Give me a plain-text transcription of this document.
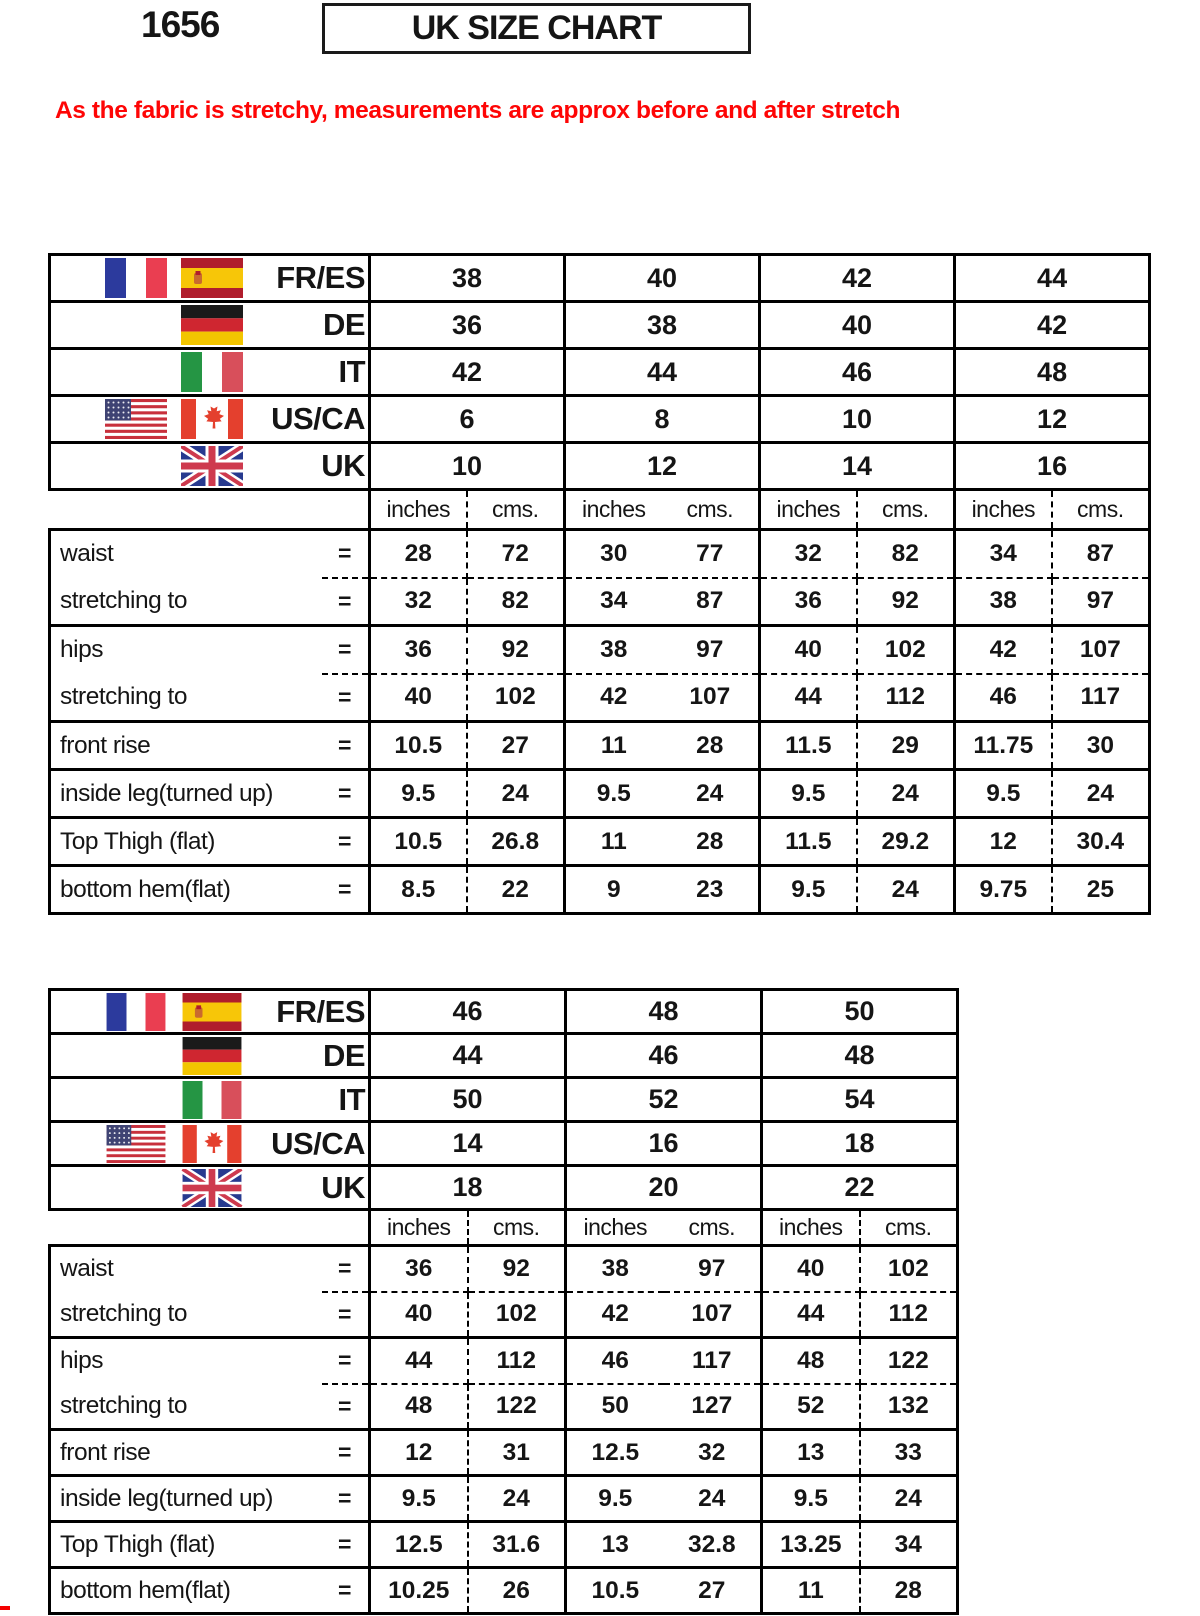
1656	UK SIZE CHART
As the fabric is stretchy, measurements are approx before and after stretch
FR/ES		38		40		42		44	

DE		36		38		40		42	

IT		42		44		46		48	

US/CA		6		8		10		12	

UK		10		12		14		16	
		inches	cms.	inches	cms.	inches	cms.	inches	cms.
waist	=	28	72	30	77	32	82	34	87
stretching to	=	32	82	34	87	36	92	38	97
hips	=	36	92	38	97	40	102	42	107
stretching to	=	40	102	42	107	44	112	46	117
front rise	=	10.5	27	11	28	11.5	29	11.75	30
inside leg(turned up)	=	9.5	24	9.5	24	9.5	24	9.5	24
Top Thigh (flat)	=	10.5	26.8	11	28	11.5	29.2	12	30.4
bottom hem(flat)	=	8.5	22	9	23	9.5	24	9.75	25
FR/ES		46		48		50	

DE		44		46		48	

IT		50		52		54	

US/CA		14		16		18	

UK		18		20		22	
		inches	cms.	inches	cms.	inches	cms.
waist	=	36	92	38	97	40	102
stretching to	=	40	102	42	107	44	112
hips	=	44	112	46	117	48	122
stretching to	=	48	122	50	127	52	132
front rise	=	12	31	12.5	32	13	33
inside leg(turned up)	=	9.5	24	9.5	24	9.5	24
Top Thigh (flat)	=	12.5	31.6	13	32.8	13.25	34
bottom hem(flat)	=	10.25	26	10.5	27	11	28
